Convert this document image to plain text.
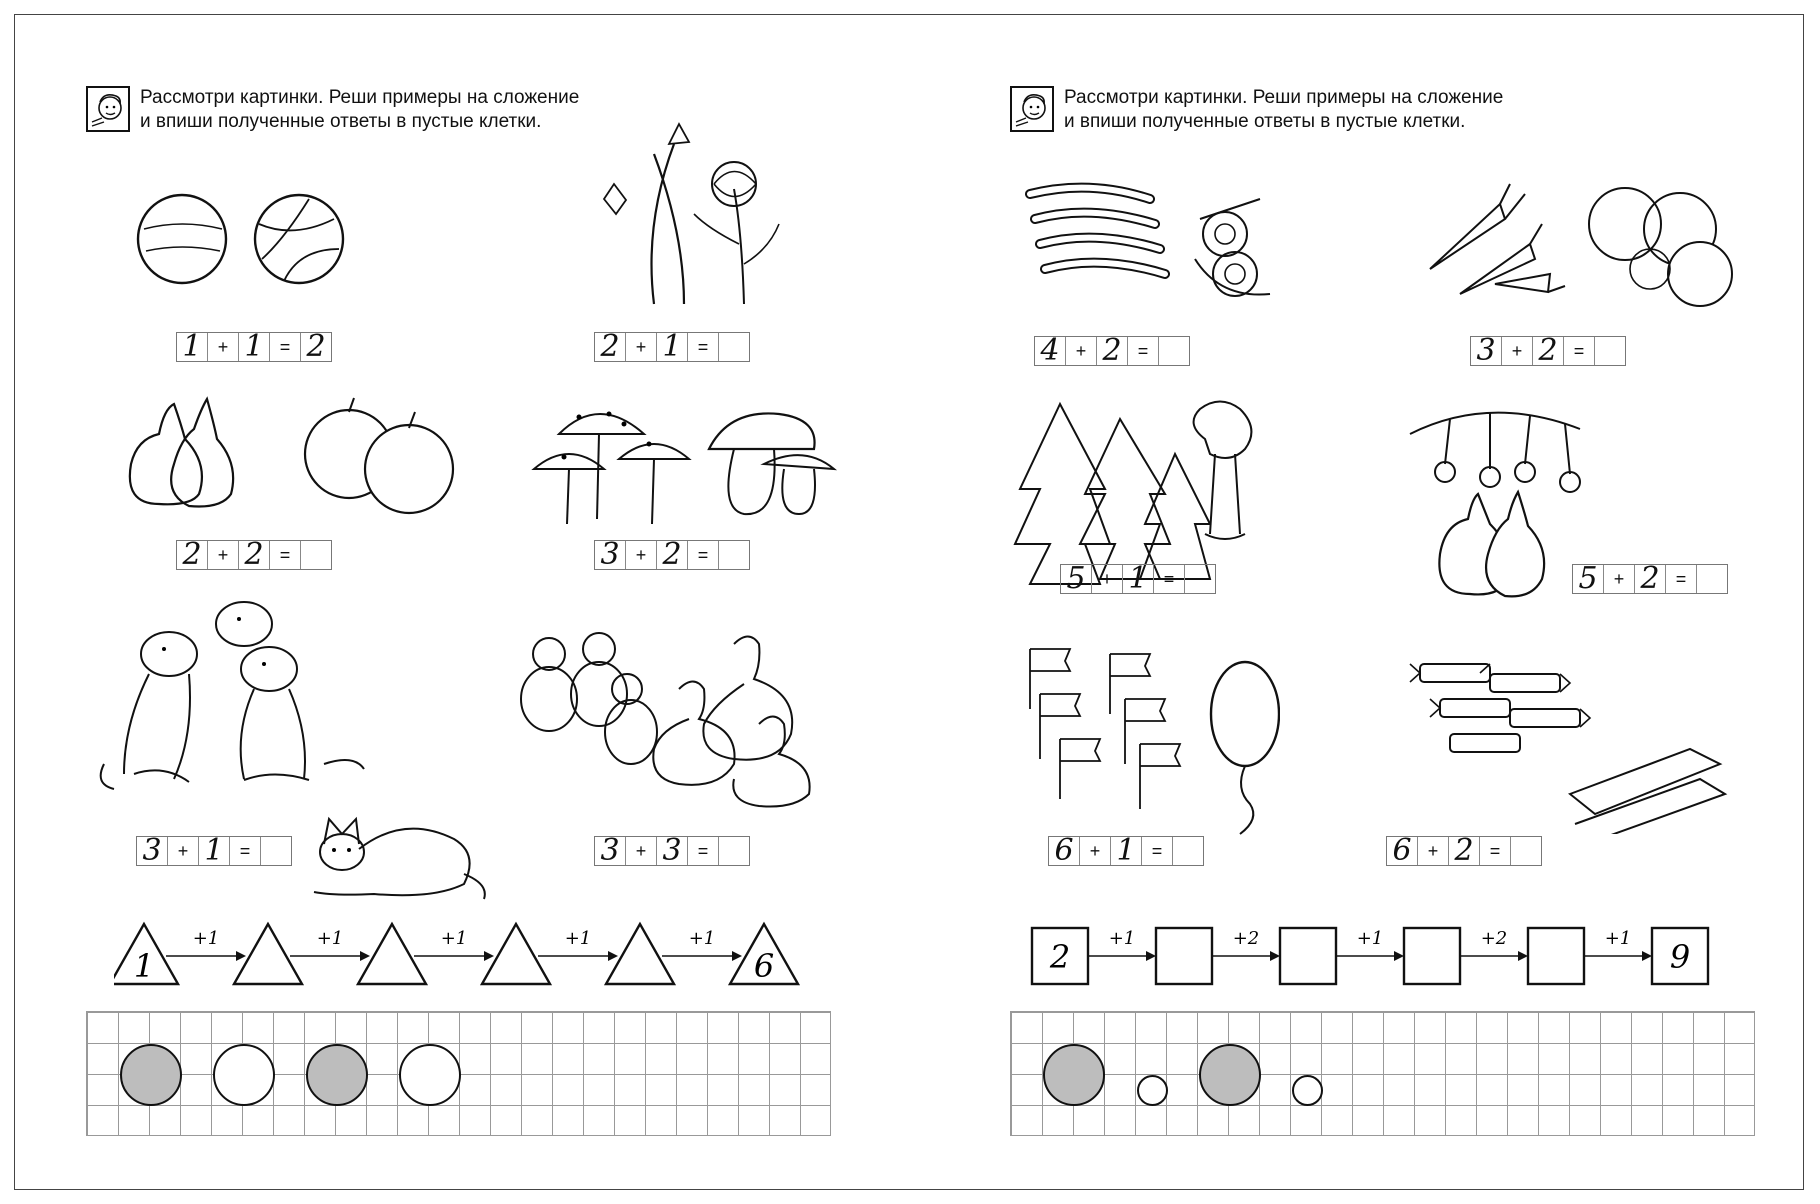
Рассмотри картинки. Реши примеры на сложение
и впиши полученные ответы в пустые клетки.
1 + 1 = 2	2 + 1 =
2 + 2 =	3 + 2 =
3 + 1 =	3 + 3 =
1
+1	+1	+1	+1	+1
6
Рассмотри картинки. Реши примеры на сложение
и впиши полученные ответы в пустые клетки.
4 + 2 =	3 + 2 =
5 + 1 =	5 + 2 =
6 + 1 =	6 + 2 =
2 +1	+2	+1	+2	+1 9
